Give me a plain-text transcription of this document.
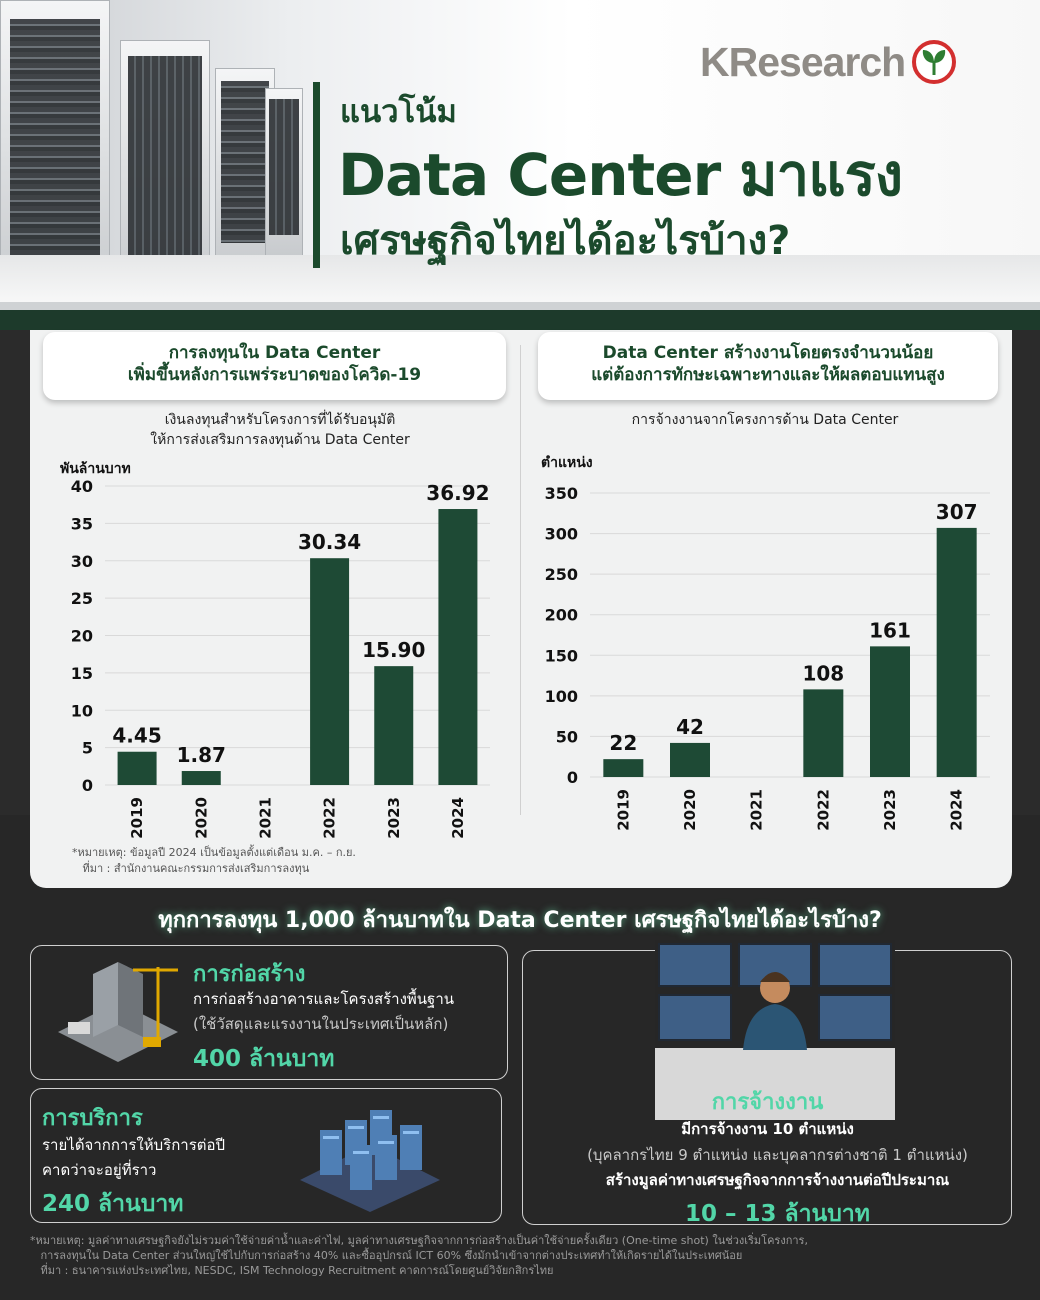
KResearch
แนวโน้ม
Data Center มาแรง
เศรษฐกิจไทยได้อะไรบ้าง?
การลงทุนใน Data Center
เพิ่มขึ้นหลังการแพร่ระบาดของโควิด-19
เงินลงทุนสำหรับโครงการที่ได้รับอนุมัติ
ให้การส่งเสริมการลงทุนด้าน Data Center
พันล้านบาท
0
5
10
15
20
25
30
35
40
4.45
2019
1.87
2020	2021
30.34
2022
15.90
2023
36.92
2024
*หมายเหตุ: ข้อมูลปี 2024 เป็นข้อมูลตั้งแต่เดือน ม.ค. – ก.ย.
ที่มา : สำนักงานคณะกรรมการส่งเสริมการลงทุน
Data Center สร้างงานโดยตรงจำนวนน้อย
แต่ต้องการทักษะเฉพาะทางและให้ผลตอบแทนสูง
การจ้างงานจากโครงการด้าน Data Center
ตำแหน่ง
0
50
100
150
200
250
300
350
22
2019
42
2020	2021
108
2022
161
2023
307
2024
ทุกการลงทุน 1,000 ล้านบาทใน Data Center เศรษฐกิจไทยได้อะไรบ้าง?
การก่อสร้าง
การก่อสร้างอาคารและโครงสร้างพื้นฐาน
(ใช้วัสดุและแรงงานในประเทศเป็นหลัก)
400 ล้านบาท
การบริการ
รายได้จากการให้บริการต่อปี
คาดว่าจะอยู่ที่ราว
240 ล้านบาท
การจ้างงาน
มีการจ้างงาน 10 ตำแหน่ง
(บุคลากรไทย 9 ตำแหน่ง และบุคลากรต่างชาติ 1 ตำแหน่ง)
สร้างมูลค่าทางเศรษฐกิจจากการจ้างงานต่อปีประมาณ
10 – 13 ล้านบาท
*หมายเหตุ: มูลค่าทางเศรษฐกิจยังไม่รวมค่าใช้จ่ายค่าน้ำและค่าไฟ, มูลค่าทางเศรษฐกิจจากการก่อสร้างเป็นค่าใช้จ่ายครั้งเดียว (One-time shot) ในช่วงเริ่มโครงการ,
การลงทุนใน Data Center ส่วนใหญ่ใช้ไปกับการก่อสร้าง 40% และซื้ออุปกรณ์ ICT 60% ซึ่งมักนำเข้าจากต่างประเทศทำให้เกิดรายได้ในประเทศน้อย
ที่มา : ธนาคารแห่งประเทศไทย, NESDC, ISM Technology Recruitment คาดการณ์โดยศูนย์วิจัยกสิกรไทย
